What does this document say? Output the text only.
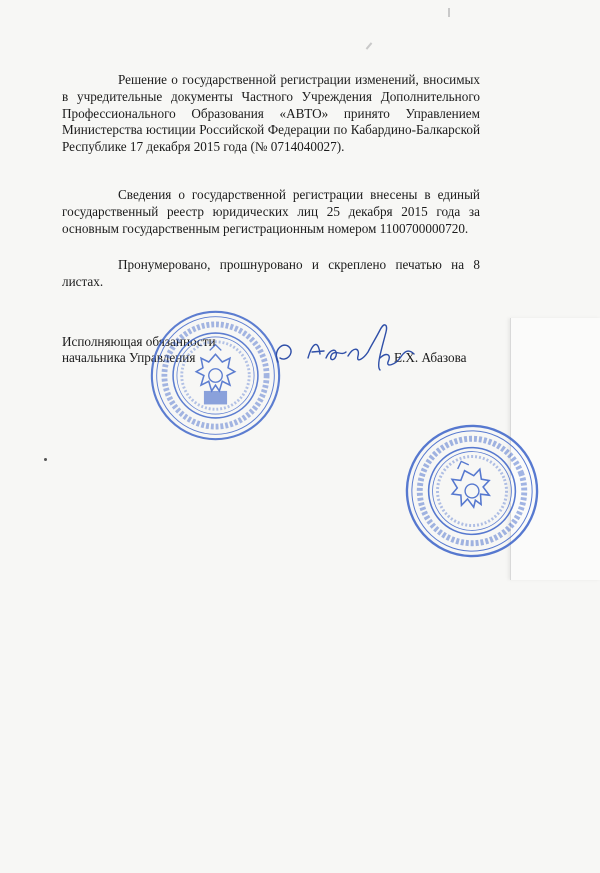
Решение о государственной регистрации изменений, вносимых в учредительные документы Частного Учреждения Дополнительного Профессионального Образования «АВТО» принято Управлением Министерства юстиции Российской Федерации по Кабардино-Балкарской Республике 17 декабря 2015 года (№ 0714040027).
Сведения о государственной регистрации внесены в единый государственный реестр юридических лиц 25 декабря 2015 года за основным государственным регистрационным номером 1100700000720.
Пронумеровано, прошнуровано и скреплено печатью на 8 листах.
Исполняющая обязанности
начальника Управления	Е.Х. Абазова
